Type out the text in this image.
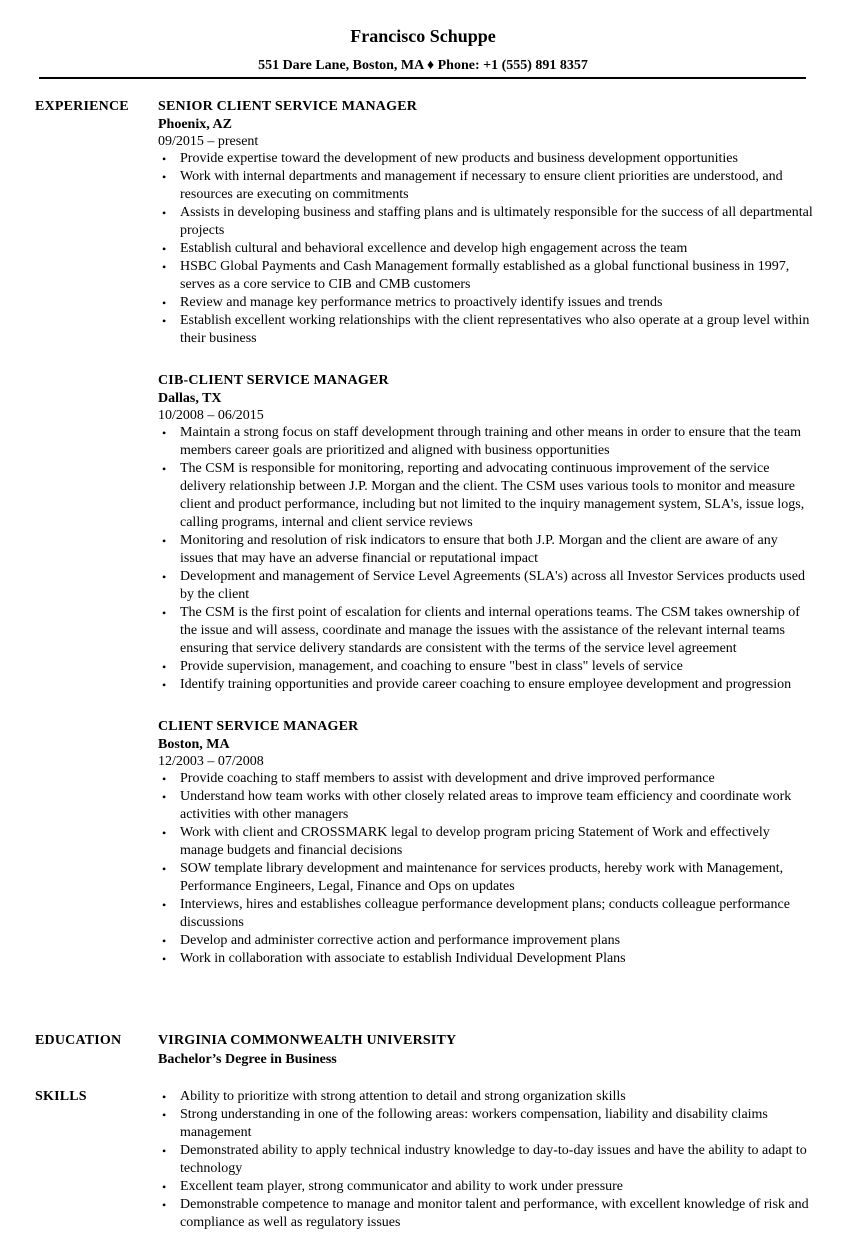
Francisco Schuppe
551 Dare Lane, Boston, MA ♦ Phone: +1 (555) 891 8357
EXPERIENCE SENIOR CLIENT SERVICE MANAGER
Phoenix, AZ
09/2015 – present
• Provide expertise toward the development of new products and business development opportunities
• Work with internal departments and management if necessary to ensure client priorities are understood, and resources are executing on commitments
• Assists in developing business and staffing plans and is ultimately responsible for the success of all departmental projects
• Establish cultural and behavioral excellence and develop high engagement across the team
• HSBC Global Payments and Cash Management formally established as a global functional business in 1997, serves as a core service to CIB and CMB customers
• Review and manage key performance metrics to proactively identify issues and trends
• Establish excellent working relationships with the client representatives who also operate at a group level within their business
CIB-CLIENT SERVICE MANAGER
Dallas, TX
10/2008 – 06/2015
• Maintain a strong focus on staff development through training and other means in order to ensure that the team members career goals are prioritized and aligned with business opportunities
• The CSM is responsible for monitoring, reporting and advocating continuous improvement of the service delivery relationship between J.P. Morgan and the client. The CSM uses various tools to monitor and measure client and product performance, including but not limited to the inquiry management system, SLA's, issue logs, calling programs, internal and client service reviews
• Monitoring and resolution of risk indicators to ensure that both J.P. Morgan and the client are aware of any issues that may have an adverse financial or reputational impact
• Development and management of Service Level Agreements (SLA's) across all Investor Services products used by the client
• The CSM is the first point of escalation for clients and internal operations teams. The CSM takes ownership of the issue and will assess, coordinate and manage the issues with the assistance of the relevant internal teams ensuring that service delivery standards are consistent with the terms of the service level agreement
• Provide supervision, management, and coaching to ensure "best in class" levels of service
• Identify training opportunities and provide career coaching to ensure employee development and progression
CLIENT SERVICE MANAGER
Boston, MA
12/2003 – 07/2008
• Provide coaching to staff members to assist with development and drive improved performance
• Understand how team works with other closely related areas to improve team efficiency and coordinate work activities with other managers
• Work with client and CROSSMARK legal to develop program pricing Statement of Work and effectively manage budgets and financial decisions
• SOW template library development and maintenance for services products, hereby work with Management, Performance Engineers, Legal, Finance and Ops on updates
• Interviews, hires and establishes colleague performance development plans; conducts colleague performance discussions
• Develop and administer corrective action and performance improvement plans
• Work in collaboration with associate to establish Individual Development Plans
EDUCATION	VIRGINIA COMMONWEALTH UNIVERSITY
Bachelor’s Degree in Business
SKILLS	• Ability to prioritize with strong attention to detail and strong organization skills
• Strong understanding in one of the following areas: workers compensation, liability and disability claims management
• Demonstrated ability to apply technical industry knowledge to day-to-day issues and have the ability to adapt to technology
• Excellent team player, strong communicator and ability to work under pressure
• Demonstrable competence to manage and monitor talent and performance, with excellent knowledge of risk and compliance as well as regulatory issues
